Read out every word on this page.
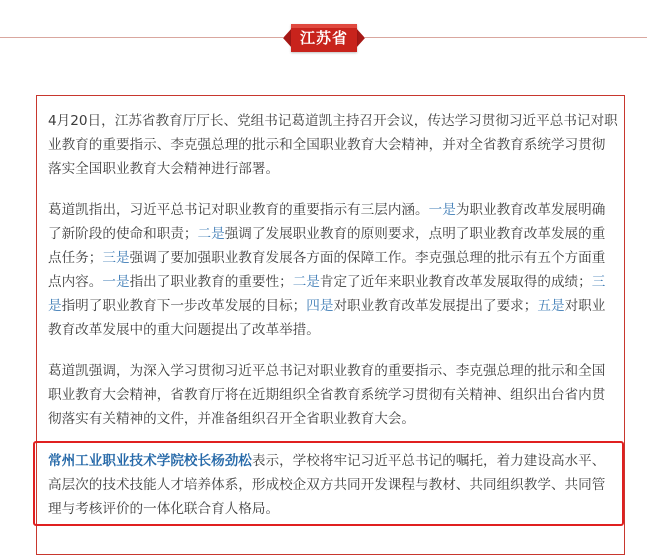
江苏省

4月20日，江苏省教育厅厅长、党组书记葛道凯主持召开会议，传达学习贯彻习近平总书记对职业教育的重要指示、李克强总理的批示和全国职业教育大会精神，并对全省教育系统学习贯彻落实全国职业教育大会精神进行部署。

葛道凯指出，习近平总书记对职业教育的重要指示有三层内涵。一是为职业教育改革发展明确了新阶段的使命和职责；二是强调了发展职业教育的原则要求，点明了职业教育改革发展的重点任务；三是强调了要加强职业教育发展各方面的保障工作。李克强总理的批示有五个方面重点内容。一是指出了职业教育的重要性；二是肯定了近年来职业教育改革发展取得的成绩；三是指明了职业教育下一步改革发展的目标；四是对职业教育改革发展提出了要求；五是对职业教育改革发展中的重大问题提出了改革举措。

葛道凯强调，为深入学习贯彻习近平总书记对职业教育的重要指示、李克强总理的批示和全国职业教育大会精神，省教育厅将在近期组织全省教育系统学习贯彻有关精神、组织出台省内贯彻落实有关精神的文件，并准备组织召开全省职业教育大会。

常州工业职业技术学院校长杨劲松表示，学校将牢记习近平总书记的嘱托，着力建设高水平、高层次的技术技能人才培养体系，形成校企双方共同开发课程与教材、共同组织教学、共同管理与考核评价的一体化联合育人格局。
